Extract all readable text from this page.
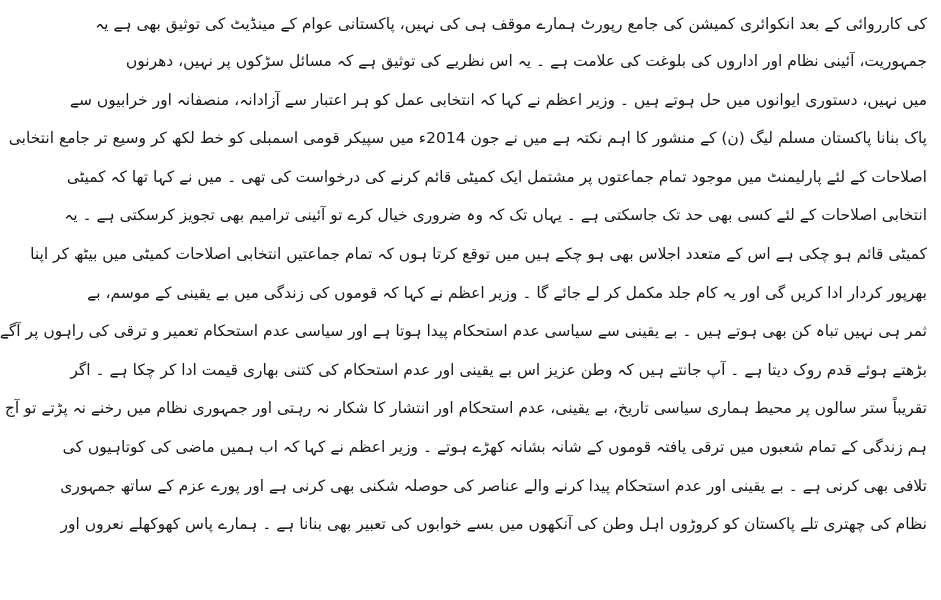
کی کارروائی کے بعد انکوائری کمیشن کی جامع رپورٹ ہمارے موقف ہی کی نہیں، پاکستانی عوام کے مینڈیٹ کی توثیق بھی ہے یہ
جمہوریت، آئینی نظام اور اداروں کی بلوغت کی علامت ہے ۔ یہ اس نظریے کی توثیق ہے کہ مسائل سڑکوں پر نہیں، دھرنوں
میں نہیں، دستوری ایوانوں میں حل ہوتے ہیں ۔ وزیر اعظم نے کہا کہ انتخابی عمل کو ہر اعتبار سے آزادانہ، منصفانہ اور خرابیوں سے
پاک بنانا پاکستان مسلم لیگ (ن) کے منشور کا اہم نکتہ ہے میں نے جون 2014ء میں سپیکر قومی اسمبلی کو خط لکھ کر وسیع تر جامع انتخابی
اصلاحات کے لئے پارلیمنٹ میں موجود تمام جماعتوں پر مشتمل ایک کمیٹی قائم کرنے کی درخواست کی تھی ۔ میں نے کہا تھا کہ کمیٹی
انتخابی اصلاحات کے لئے کسی بھی حد تک جاسکتی ہے ۔ یہاں تک کہ وہ ضروری خیال کرے تو آئینی ترامیم بھی تجویز کرسکتی ہے ۔ یہ
کمیٹی قائم ہو چکی ہے اس کے متعدد اجلاس بھی ہو چکے ہیں میں توقع کرتا ہوں کہ تمام جماعتیں انتخابی اصلاحات کمیٹی میں بیٹھ کر اپنا
بھرپور کردار ادا کریں گی اور یہ کام جلد مکمل کر لے جائے گا ۔ وزیر اعظم نے کہا کہ قوموں کی زندگی میں بے یقینی کے موسم، بے
ثمر ہی نہیں تباہ کن بھی ہوتے ہیں ۔ بے یقینی سے سیاسی عدم استحکام پیدا ہوتا ہے اور سیاسی عدم استحکام تعمیر و ترقی کی راہوں پر آگے
بڑھتے ہوئے قدم روک دیتا ہے ۔ آپ جانتے ہیں کہ وطن عزیز اس بے یقینی اور عدم استحکام کی کتنی بھاری قیمت ادا کر چکا ہے ۔ اگر
تقریباً ستر سالوں پر محیط ہماری سیاسی تاریخ، بے یقینی، عدم استحکام اور انتشار کا شکار نہ رہتی اور جمہوری نظام میں رخنے نہ پڑتے تو آج
ہم زندگی کے تمام شعبوں میں ترقی یافتہ قوموں کے شانہ بشانہ کھڑے ہوتے ۔ وزیر اعظم نے کہا کہ اب ہمیں ماضی کی کوتاہیوں کی
تلافی بھی کرنی ہے ۔ بے یقینی اور عدم استحکام پیدا کرنے والے عناصر کی حوصلہ شکنی بھی کرنی ہے اور پورے عزم کے ساتھ جمہوری
نظام کی چھتری تلے پاکستان کو کروڑوں اہل وطن کی آنکھوں میں بسے خوابوں کی تعبیر بھی بنانا ہے ۔ ہمارے پاس کھوکھلے نعروں اور
